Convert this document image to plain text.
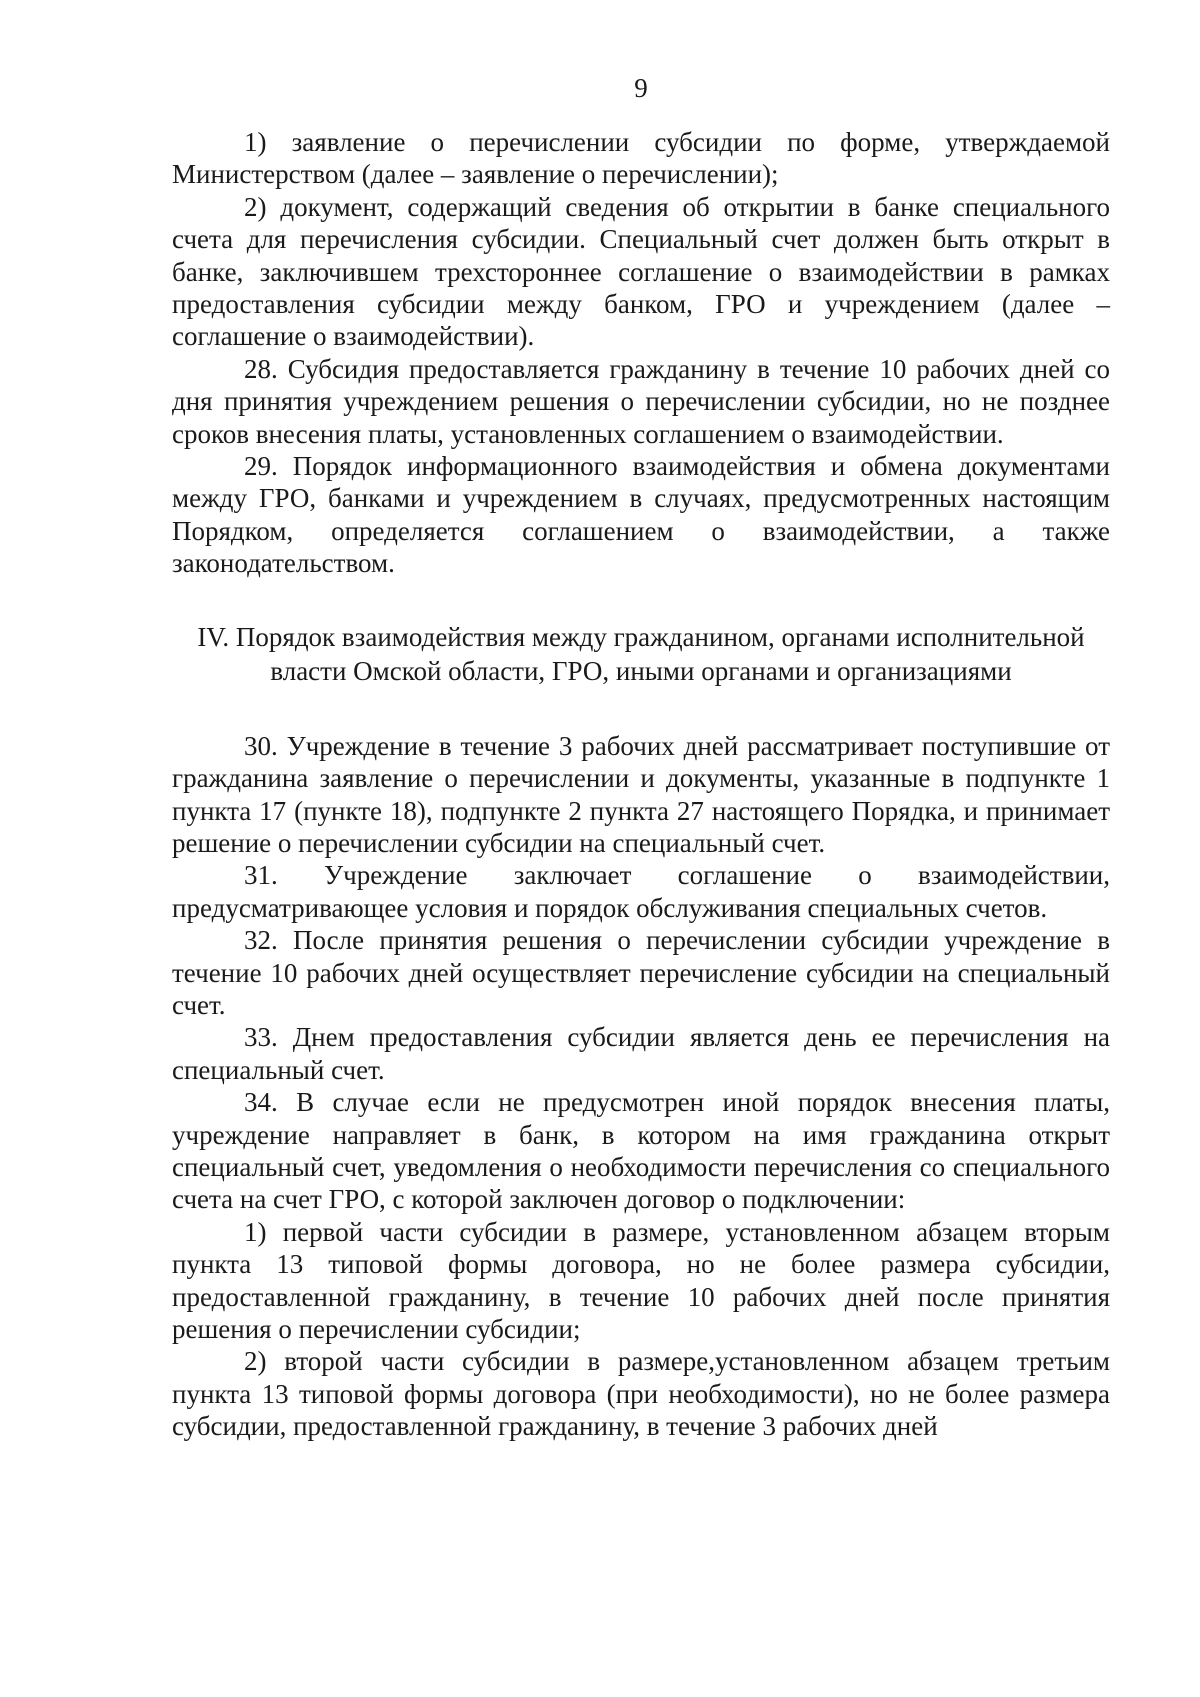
9

1) заявление о перечислении субсидии по форме, утверждаемой Министерством (далее – заявление о перечислении);

2) документ, содержащий сведения об открытии в банке специального счета для перечисления субсидии. Специальный счет должен быть открыт в банке, заключившем трехстороннее соглашение о взаимодействии в рамках предоставления субсидии между банком, ГРО и учреждением (далее – соглашение о взаимодействии).

28. Субсидия предоставляется гражданину в течение 10 рабочих дней со дня принятия учреждением решения о перечислении субсидии, но не позднее сроков внесения платы, установленных соглашением о взаимодействии.

29. Порядок информационного взаимодействия и обмена документами между ГРО, банками и учреждением в случаях, предусмотренных настоящим Порядком, определяется соглашением о взаимодействии, а также законодательством.

IV. Порядок взаимодействия между гражданином, органами исполнительной
власти Омской области, ГРО, иными органами и организациями

30. Учреждение в течение 3 рабочих дней рассматривает поступившие от гражданина заявление о перечислении и документы, указанные в подпункте 1 пункта 17 (пункте 18), подпункте 2 пункта 27 настоящего Порядка, и принимает решение о перечислении субсидии на специальный счет.

31. Учреждение заключает соглашение о взаимодействии, предусматривающее условия и порядок обслуживания специальных счетов.

32. После принятия решения о перечислении субсидии учреждение в течение 10 рабочих дней осуществляет перечисление субсидии на специальный счет.

33. Днем предоставления субсидии является день ее перечисления на специальный счет.

34. В случае если не предусмотрен иной порядок внесения платы, учреждение направляет в банк, в котором на имя гражданина открыт специальный счет, уведомления о необходимости перечисления со специального счета на счет ГРО, с которой заключен договор о подключении:

1) первой части субсидии в размере, установленном абзацем вторым пункта 13 типовой формы договора, но не более размера субсидии, предоставленной гражданину, в течение 10 рабочих дней после принятия решения о перечислении субсидии;

2) второй части субсидии в размере,установленном абзацем третьим пункта 13 типовой формы договора (при необходимости), но не более размера субсидии, предоставленной гражданину, в течение 3 рабочих дней
